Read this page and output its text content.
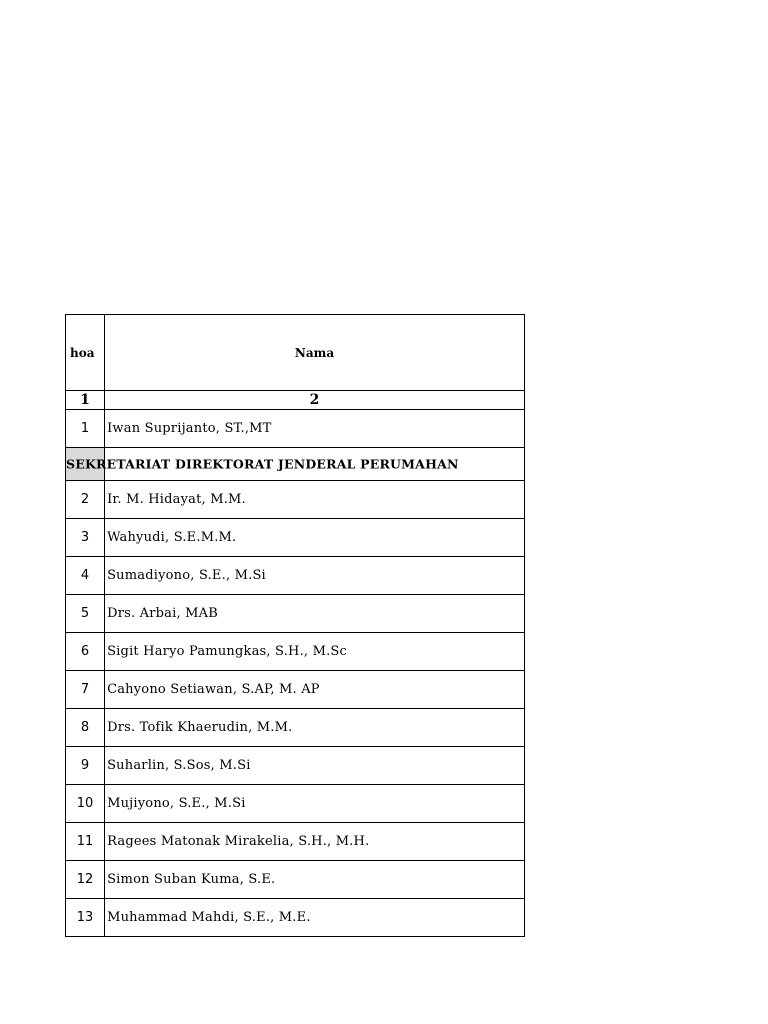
hoa	Nama
1	2
1	Iwan Suprijanto, ST.,MT

SEKRETARIAT DIREKTORAT JENDERAL PERUMAHAN	

2	Ir. M. Hidayat, M.M.
3	Wahyudi, S.E.M.M.
4	Sumadiyono, S.E., M.Si
5	Drs. Arbai, MAB
6	Sigit Haryo Pamungkas, S.H., M.Sc
7	Cahyono Setiawan, S.AP, M. AP
8	Drs. Tofik Khaerudin, M.M.
9	Suharlin, S.Sos, M.Si
10	Mujiyono, S.E., M.Si
11	Ragees Matonak Mirakelia, S.H., M.H.
12	Simon Suban Kuma, S.E.
13	Muhammad Mahdi, S.E., M.E.
